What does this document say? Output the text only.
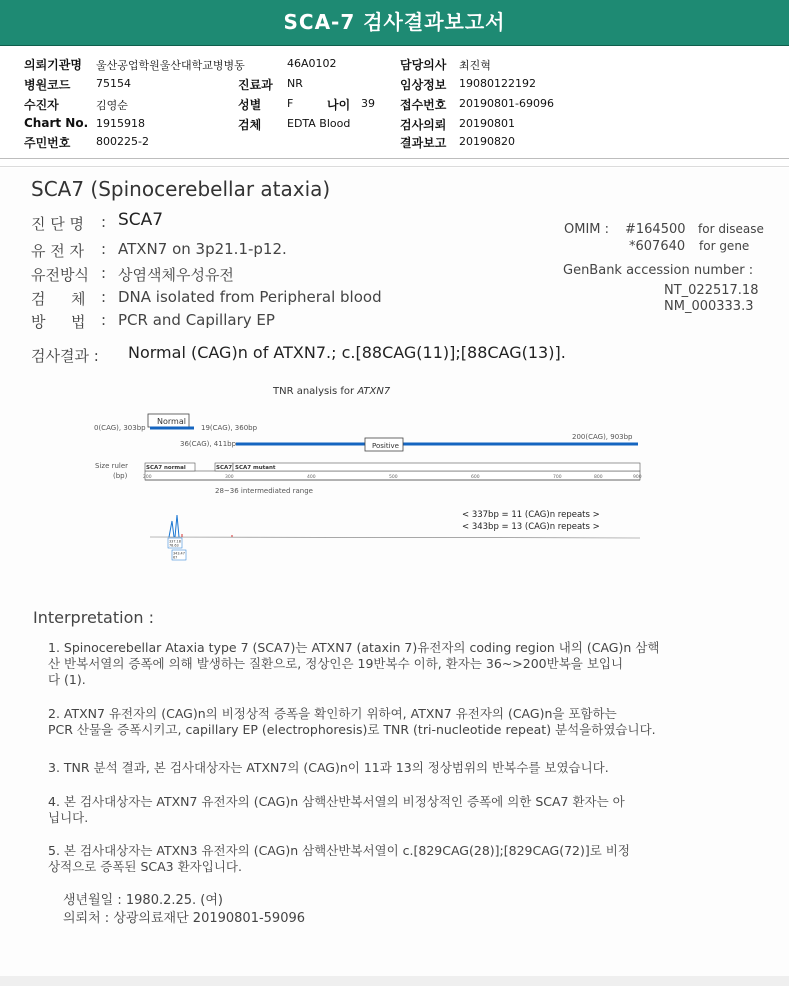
SCA-7 검사결과보고서
의뢰기관명 울산공업학원울산대학교병병동	46A0102	담당의사 최진혁
병원코드 75154	진료과 NR	임상정보 19080122192
수진자	김영순	성별 F	나이 39 접수번호 20190801-69096
Chart No. 1915918	검체 EDTA Blood	검사의뢰 20190801
주민번호 800225-2	결과보고 20190820
SCA7 (Spinocerebellar ataxia)
진 단 명 : SCA7
유 전 자 : ATXN7 on 3p21.1-p12.
유전방식 : 상염색체우성유전
검 체 : DNA isolated from Peripheral blood
방 법 : PCR and Capillary EP
OMIM : #164500 for disease
*607640 for gene
GenBank accession number :
NT_022517.18
NM_000333.3
검사결과 : Normal (CAG)n of ATXN7.; c.[88CAG(11)];[88CAG(13)].
TNR analysis for ATXN7
Normal
0(CAG), 303bp	19(CAG), 360bp
Positive
36(CAG), 411bp
200(CAG), 903bp
Size ruler
(bp)
SCA7 normal	SCA7 SCA7 mutant
200	300	400	500	600	700	800	900
28~36 intermediated range
< 337bp = 11 (CAG)n repeats >
< 343bp = 13 (CAG)n repeats >
337.18
78.63
343.47
67
Interpretation :
1. Spinocerebellar Ataxia type 7 (SCA7)는 ATXN7 (ataxin 7)유전자의 coding region 내의 (CAG)n 삼핵
산 반복서열의 증폭에 의해 발생하는 질환으로, 정상인은 19반복수 이하, 환자는 36~>200반복을 보입니
다 (1).
2. ATXN7 유전자의 (CAG)n의 비정상적 증폭을 확인하기 위하여, ATXN7 유전자의 (CAG)n을 포함하는
PCR 산물을 증폭시키고, capillary EP (electrophoresis)로 TNR (tri-nucleotide repeat) 분석을하였습니다.
3. TNR 분석 결과, 본 검사대상자는 ATXN7의 (CAG)n이 11과 13의 정상범위의 반복수를 보였습니다.
4. 본 검사대상자는 ATXN7 유전자의 (CAG)n 삼핵산반복서열의 비정상적인 증폭에 의한 SCA7 환자는 아
닙니다.
5. 본 검사대상자는 ATXN3 유전자의 (CAG)n 삼핵산반복서열이 c.[829CAG(28)];[829CAG(72)]로 비정
상적으로 증폭된 SCA3 환자입니다.
생년월일 : 1980.2.25. (여)
의뢰처 : 상광의료재단 20190801-59096
